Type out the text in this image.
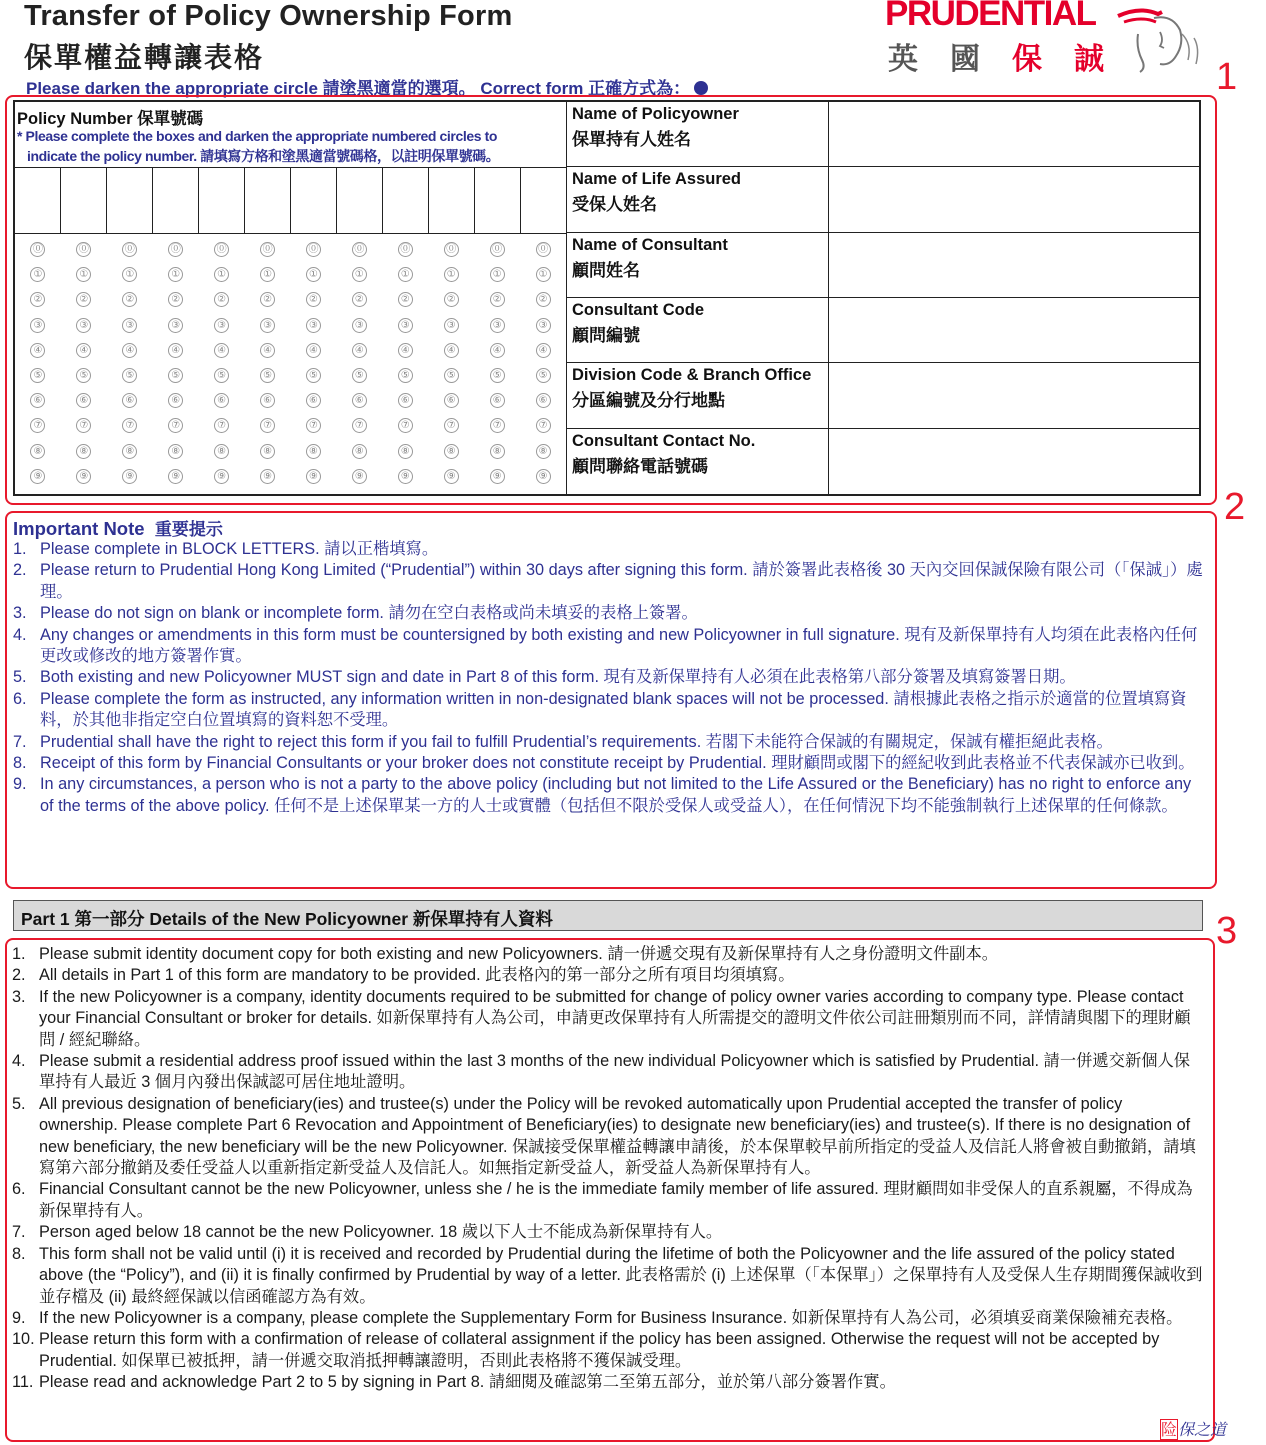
Transfer of Policy Ownership Form
保單權益轉讓表格
Please darken the appropriate circle 請塗黑適當的選項。 Correct form 正確方式為：
PRUDENTIAL
英 國 保 誠	1
2
3
Policy Number 保單號碼
* Please complete the boxes and darken the appropriate numbered circles to
indicate the policy number. 請填寫方格和塗黑適當號碼格，以註明保單號碼。
⓪
①
②
③
④
⑤
⑥
⑦
⑧
⑨
⓪
①
②
③
④
⑤
⑥
⑦
⑧
⑨
⓪
①
②
③
④
⑤
⑥
⑦
⑧
⑨
⓪
①
②
③
④
⑤
⑥
⑦
⑧
⑨
⓪
①
②
③
④
⑤
⑥
⑦
⑧
⑨
⓪
①
②
③
④
⑤
⑥
⑦
⑧
⑨
⓪
①
②
③
④
⑤
⑥
⑦
⑧
⑨
⓪
①
②
③
④
⑤
⑥
⑦
⑧
⑨
⓪
①
②
③
④
⑤
⑥
⑦
⑧
⑨
⓪
①
②
③
④
⑤
⑥
⑦
⑧
⑨
⓪
①
②
③
④
⑤
⑥
⑦
⑧
⑨
⓪
①
②
③
④
⑤
⑥
⑦
⑧
⑨
Name of Policyowner
保單持有人姓名
Name of Life Assured
受保人姓名
Name of Consultant
顧問姓名
Consultant Code
顧問編號
Division Code & Branch Office
分區編號及分行地點
Consultant Contact No.
顧問聯絡電話號碼
Important Note 重要提示
1. Please complete in BLOCK LETTERS. 請以正楷填寫。
2. Please return to Prudential Hong Kong Limited (“Prudential”) within 30 days after signing this form. 請於簽署此表格後 30 天內交回保誠保險有限公司（「保誠」）處理。
3. Please do not sign on blank or incomplete form. 請勿在空白表格或尚未填妥的表格上簽署。
4. Any changes or amendments in this form must be countersigned by both existing and new Policyowner in full signature. 現有及新保單持有人均須在此表格內任何更改或修改的地方簽署作實。
5. Both existing and new Policyowner MUST sign and date in Part 8 of this form. 現有及新保單持有人必須在此表格第八部分簽署及填寫簽署日期。
6. Please complete the form as instructed, any information written in non-designated blank spaces will not be processed. 請根據此表格之指示於適當的位置填寫資料，於其他非指定空白位置填寫的資料恕不受理。
7. Prudential shall have the right to reject this form if you fail to fulfill Prudential’s requirements. 若閣下未能符合保誠的有關規定，保誠有權拒絕此表格。
8. Receipt of this form by Financial Consultants or your broker does not constitute receipt by Prudential. 理財顧問或閣下的經紀收到此表格並不代表保誠亦已收到。
9. In any circumstances, a person who is not a party to the above policy (including but not limited to the Life Assured or the Beneficiary) has no right to enforce any of the terms of the above policy. 任何不是上述保單某一方的人士或實體（包括但不限於受保人或受益人），在任何情況下均不能強制執行上述保單的任何條款。
Part 1 第一部分 Details of the New Policyowner 新保單持有人資料
1. Please submit identity document copy for both existing and new Policyowners. 請一併遞交現有及新保單持有人之身份證明文件副本。
2. All details in Part 1 of this form are mandatory to be provided. 此表格內的第一部分之所有項目均須填寫。
3. If the new Policyowner is a company, identity documents required to be submitted for change of policy owner varies according to company type. Please contact your Financial Consultant or broker for details. 如新保單持有人為公司，申請更改保單持有人所需提交的證明文件依公司註冊類別而不同，詳情請與閣下的理財顧問 / 經紀聯絡。
4. Please submit a residential address proof issued within the last 3 months of the new individual Policyowner which is satisfied by Prudential. 請一併遞交新個人保單持有人最近 3 個月內發出保誠認可居住地址證明。
5. All previous designation of beneficiary(ies) and trustee(s) under the Policy will be revoked automatically upon Prudential accepted the transfer of policy ownership. Please complete Part 6 Revocation and Appointment of Beneficiary(ies) to designate new beneficiary(ies) and trustee(s). If there is no designation of new beneficiary, the new beneficiary will be the new Policyowner. 保誠接受保單權益轉讓申請後，於本保單較早前所指定的受益人及信託人將會被自動撤銷，請填寫第六部分撤銷及委任受益人以重新指定新受益人及信託人。如無指定新受益人，新受益人為新保單持有人。
6. Financial Consultant cannot be the new Policyowner, unless she / he is the immediate family member of life assured. 理財顧問如非受保人的直系親屬，不得成為新保單持有人。
7. Person aged below 18 cannot be the new Policyowner. 18 歲以下人士不能成為新保單持有人。
8. This form shall not be valid until (i) it is received and recorded by Prudential during the lifetime of both the Policyowner and the life assured of the policy stated above (the “Policy”), and (ii) it is finally confirmed by Prudential by way of a letter. 此表格需於 (i) 上述保單（「本保單」）之保單持有人及受保人生存期間獲保誠收到並存檔及 (ii) 最終經保誠以信函確認方為有效。
9. If the new Policyowner is a company, please complete the Supplementary Form for Business Insurance. 如新保單持有人為公司，必須填妥商業保險補充表格。
10. Please return this form with a confirmation of release of collateral assignment if the policy has been assigned. Otherwise the request will not be accepted by Prudential. 如保單已被抵押，請一併遞交取消抵押轉讓證明，否則此表格將不獲保誠受理。
11. Please read and acknowledge Part 2 to 5 by signing in Part 8. 請細閱及確認第二至第五部分，並於第八部分簽署作實。
险保之道
